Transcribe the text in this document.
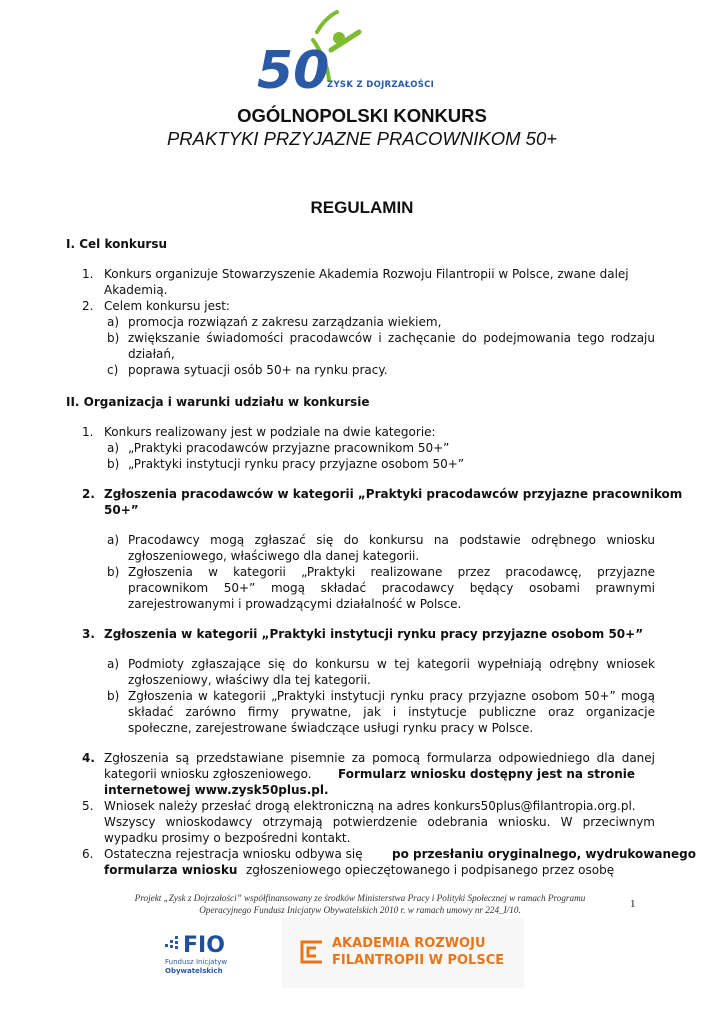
50
ZYSK Z DOJRZAŁOŚCI
OGÓLNOPOLSKI KONKURS
PRAKTYKI PRZYJAZNE PRACOWNIKOM 50+
REGULAMIN
I. Cel konkursu
1. Konkurs organizuje Stowarzyszenie Akademia Rozwoju Filantropii w Polsce, zwane dalej
Akademią.
2. Celem konkursu jest:
a) promocja rozwiązań z zakresu zarządzania wiekiem,
b) zwiększanie świadomości pracodawców i zachęcanie do podejmowania tego rodzaju
działań,
c) poprawa sytuacji osób 50+ na rynku pracy.
II. Organizacja i warunki udziału w konkursie
1. Konkurs realizowany jest w podziale na dwie kategorie:
a) „Praktyki pracodawców przyjazne pracownikom 50+”
b) „Praktyki instytucji rynku pracy przyjazne osobom 50+”
2. Zgłoszenia pracodawców w kategorii „Praktyki pracodawców przyjazne pracownikom
50+”
a) Pracodawcy mogą zgłaszać się do konkursu na podstawie odrębnego wniosku
zgłoszeniowego, właściwego dla danej kategorii.
b) Zgłoszenia w kategorii „Praktyki realizowane przez pracodawcę, przyjazne
pracownikom 50+” mogą składać pracodawcy będący osobami prawnymi
zarejestrowanymi i prowadzącymi działalność w Polsce.
3. Zgłoszenia w kategorii „Praktyki instytucji rynku pracy przyjazne osobom 50+”
a) Podmioty zgłaszające się do konkursu w tej kategorii wypełniają odrębny wniosek
zgłoszeniowy, właściwy dla tej kategorii.
b) Zgłoszenia w kategorii „Praktyki instytucji rynku pracy przyjazne osobom 50+” mogą
składać zarówno firmy prywatne, jak i instytucje publiczne oraz organizacje
społeczne, zarejestrowane świadczące usługi rynku pracy w Polsce.
4. Zgłoszenia są przedstawiane pisemnie za pomocą formularza odpowiedniego dla danej
kategorii wniosku zgłoszeniowego. Formularz wniosku dostępny jest na stronie
internetowej www.zysk50plus.pl.
5. Wniosek należy przesłać drogą elektroniczną na adres konkurs50plus@filantropia.org.pl.
Wszyscy wnioskodawcy otrzymają potwierdzenie odebrania wniosku. W przeciwnym
wypadku prosimy o bezpośredni kontakt.
6. Ostateczna rejestracja wniosku odbywa się po przesłaniu oryginalnego, wydrukowanego
formularza wniosku zgłoszeniowego opieczętowanego i podpisanego przez osobę
Projekt „Zysk z Dojrzałości” współfinansowany ze środków Ministerstwa Pracy i Polityki Społecznej w ramach Programu
Operacyjnego Fundusz Inicjatyw Obywatelskich 2010 r. w ramach umowy nr 224_I/10.	1
FIO
Fundusz Inicjatyw
Obywatelskich
AKADEMIA ROZWOJU
FILANTROPII W POLSCE
